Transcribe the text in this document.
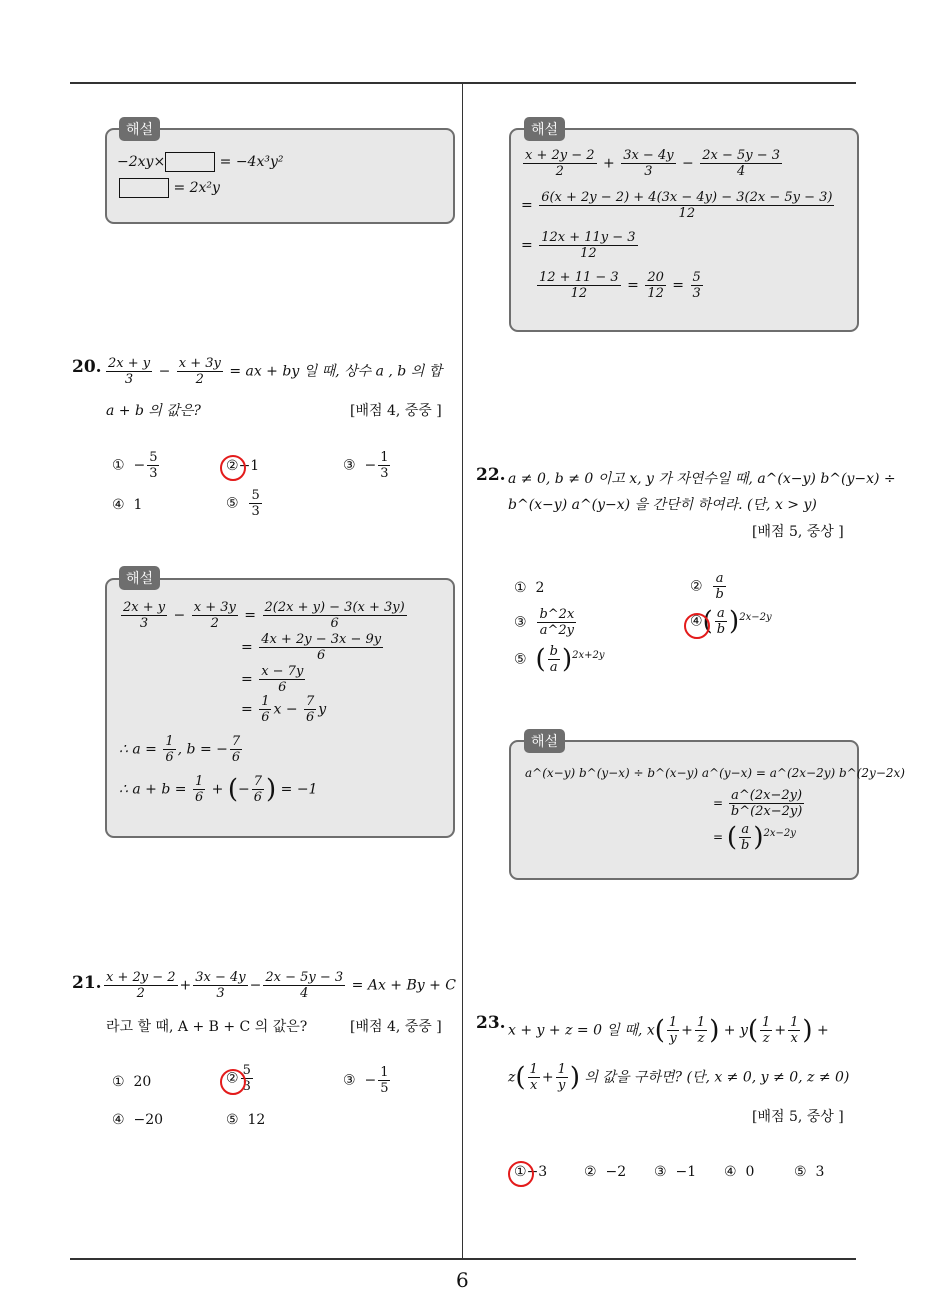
6
−2xy×	= −4x³y²
= 2x²y
해설
20. $\frac{2x + y}{3} - \frac{x + 3y}{2}$ = ax + by 일 때, 상수 a , b 의 합
a + b 의 값은?	[배점 4, 중중 ]
① − $\frac{5}{3}$	②−1	③ − $\frac{1}{3}$
④ 1	⑤ $\frac{5}{3}$
$\frac{2x + y}{3} - \frac{x + 3y}{2} = \frac{2(2x + y) - 3(x + 3y)}{6}$
= $\frac{4x + 2y - 3x - 9y}{6}$
= $\frac{x - 7y}{6}$
= $\frac{1}{6}$ $x - \frac{7}{6}$ y
∴ $a = \frac{1}{6}$ , b = − $\frac{7}{6}$
∴ $a + b = \frac{1}{6}$ + (− $\frac{7}{6}$ ) = −1
해설
21. $\frac{x + 2y - 2}{2} + \frac{3x - 4y}{3} - \frac{2x - 5y - 3}{4} = Ax + By + C$
라고 할 때, A + B + C 의 값은?	[배점 4, 중중 ]
① 20	② $\frac{5}{3}$	③ − $\frac{1}{5}$
④ −20	⑤ 12
$\frac{x + 2y - 2}{2} + \frac{3x - 4y}{3} - \frac{2x - 5y - 3}{4}$
= $\frac{6(x + 2y - 2) + 4(3x - 4y) - 3(2x - 5y - 3)}{12}$
= $\frac{12x + 11y - 3}{12}$
$\frac{12 + 11 - 3}{12} = \frac{20}{12} = \frac{5}{3}$
해설
22. a ≠ 0, b ≠ 0 이고 x, y 가 자연수일 때, a^(x−y) b^(y−x) ÷
b^(x−y) a^(y−x) 을 간단히 하여라. (단, x > y)
[배점 5, 중상 ]
① 2	② $\frac{a}{b}$
③ $\frac{b\^{}2x}{a\^{}2y}$	④( $\frac{a}{b} )^{2x-2y}$
⑤ ( $\frac{b}{a} )^{2x+2y}$
a^(x−y) b^(y−x) ÷ b^(x−y) a^(y−x) = a^(2x−2y) b^(2y−2x)
= $\frac{a\^{}(2x-2y)}{b\^{}(2x-2y)}$
= ( $\frac{a}{b} )^{2x-2y}$
해설
23. x + y + z = 0 일 때, $x( \frac{1}{y} + \frac{1}{z}$ ) + $y( \frac{1}{z} + \frac{1}{x}$ ) +
$z( \frac{1}{x} + \frac{1}{y}$ ) 의 값을 구하면? (단, x ≠ 0, y ≠ 0, z ≠ 0)
[배점 5, 중상 ]
①−3	② −2 ③ −1 ④ 0	⑤ 3
